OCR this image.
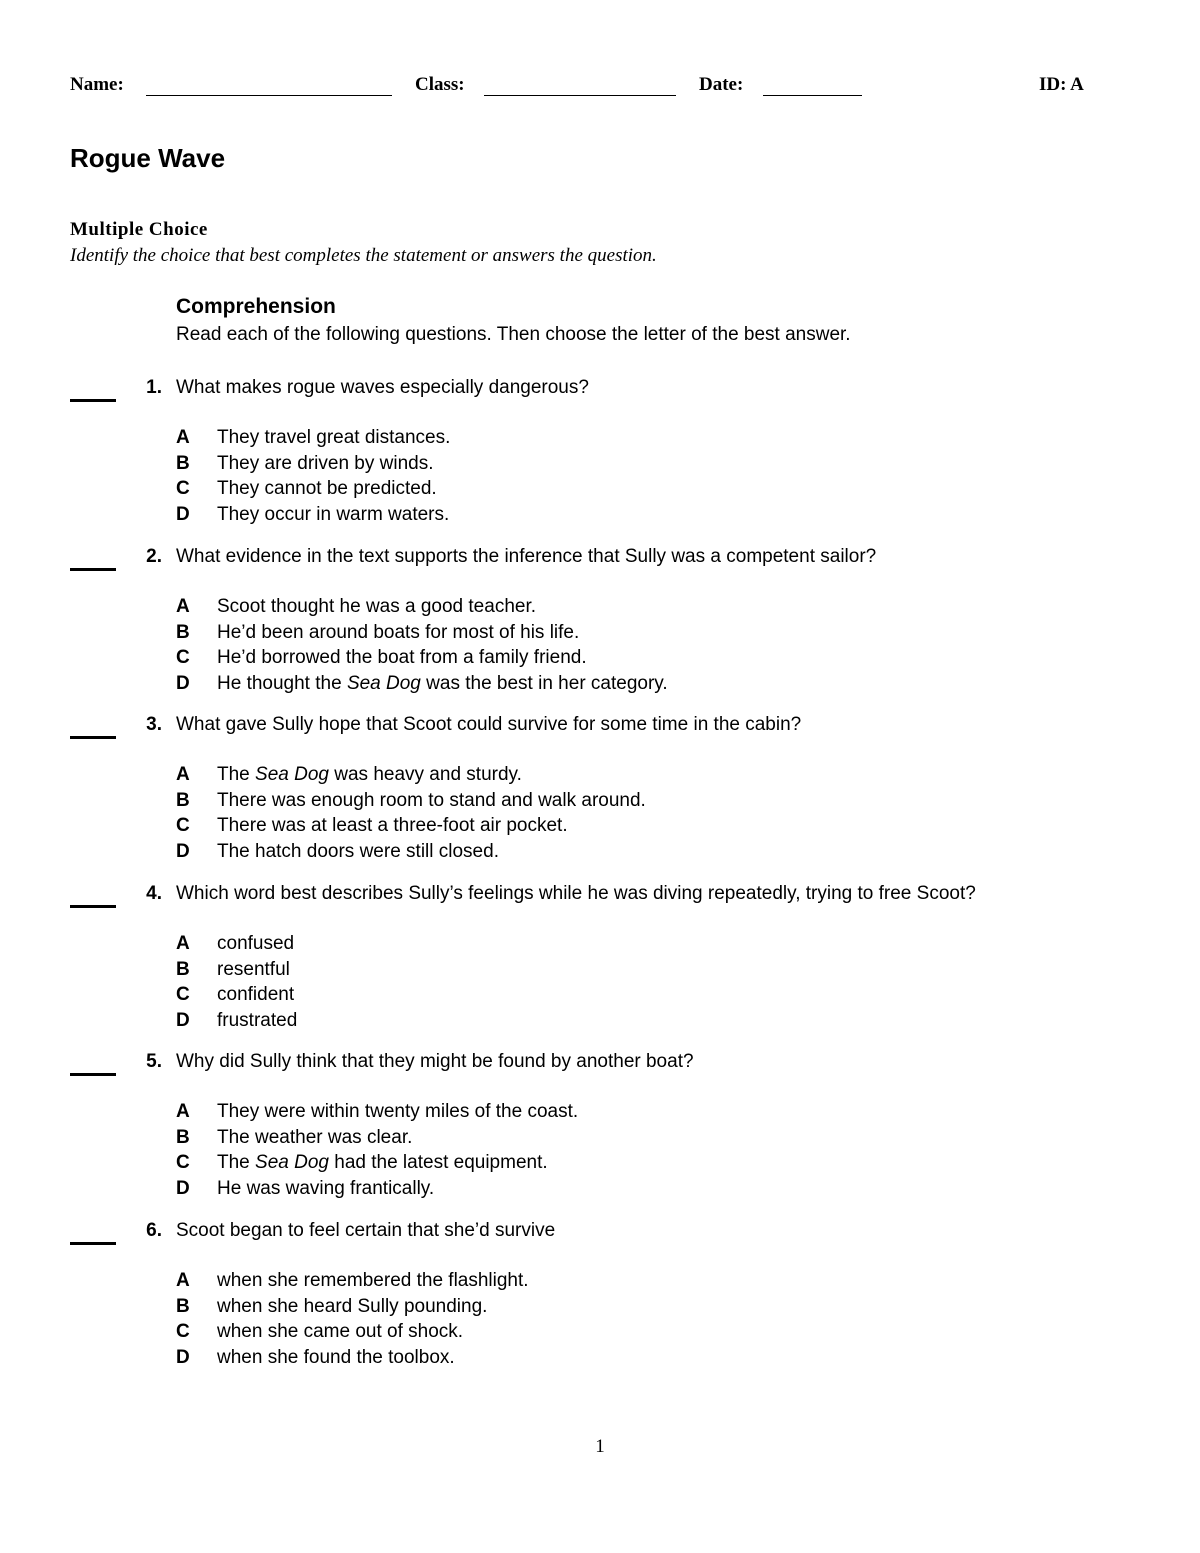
Name:	Class:	Date:	ID: A
Rogue Wave
Multiple Choice
Identify the choice that best completes the statement or answers the question.
Comprehension
Read each of the following questions. Then choose the letter of the best answer.
1. What makes rogue waves especially dangerous?
A They travel great distances.
B They are driven by winds.
C They cannot be predicted.
D They occur in warm waters.
2. What evidence in the text supports the inference that Sully was a competent sailor?
A Scoot thought he was a good teacher.
B He’d been around boats for most of his life.
C He’d borrowed the boat from a family friend.
D He thought the Sea Dog was the best in her category.
3. What gave Sully hope that Scoot could survive for some time in the cabin?
A The Sea Dog was heavy and sturdy.
B There was enough room to stand and walk around.
C There was at least a three-foot air pocket.
D The hatch doors were still closed.
4. Which word best describes Sully’s feelings while he was diving repeatedly, trying to free Scoot?
A confused
B resentful
C confident
D frustrated
5. Why did Sully think that they might be found by another boat?
A They were within twenty miles of the coast.
B The weather was clear.
C The Sea Dog had the latest equipment.
D He was waving frantically.
6. Scoot began to feel certain that she’d survive
A when she remembered the flashlight.
B when she heard Sully pounding.
C when she came out of shock.
D when she found the toolbox.
1
